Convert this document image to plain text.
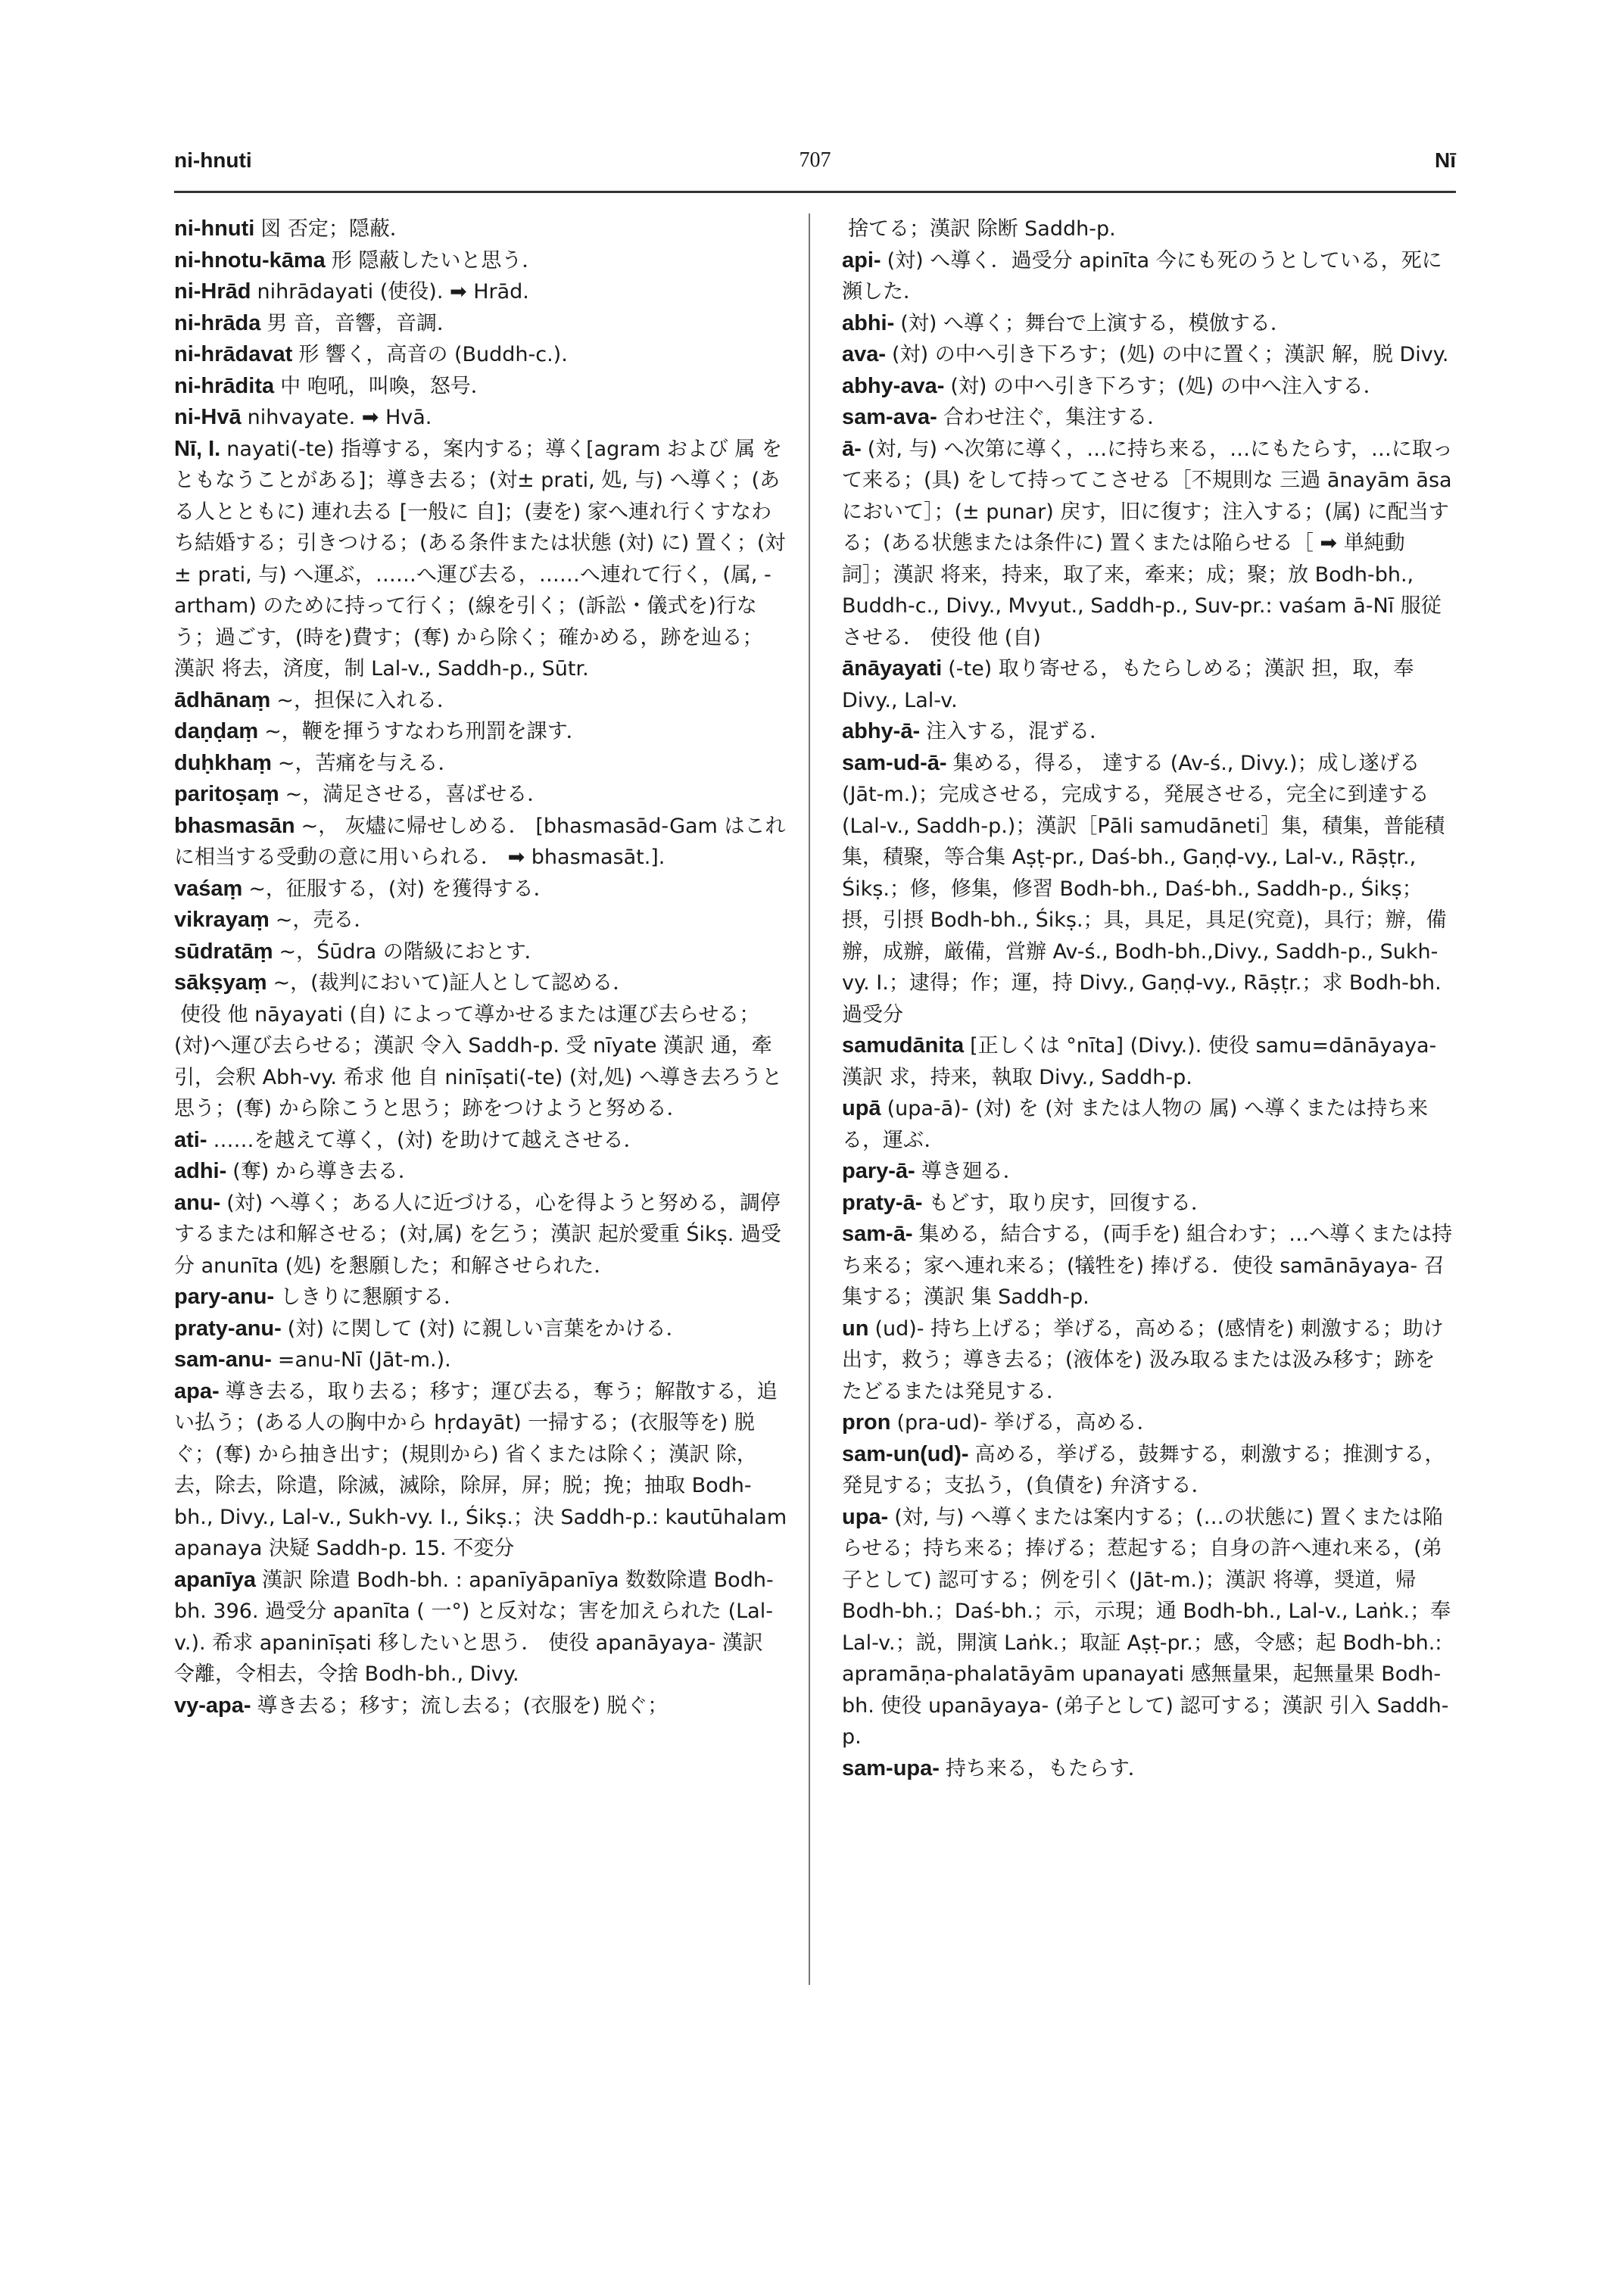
ni-hnuti	707	Nī

ni-hnuti 図 否定；隠蔽．

ni-hnotu-kāma 形 隠蔽したいと思う．

ni-Hrād nihrādayati (使役). ➡ Hrād.

ni-hrāda 男 音，音響，音調．

ni-hrādavat 形 響く，高音の (Buddh-c.).

ni-hrādita 中 咆吼，叫喚，怒号．

ni-Hvā nihvayate. ➡ Hvā.

Nī, I. nayati(-te) 指導する，案内する；導く[agram および 属 をともなうことがある]；導き去る；(対± prati, 処, 与) へ導く；(ある人とともに) 連れ去る [一般に 自]；(妻を) 家へ連れ行くすなわち結婚する；引きつける；(ある条件または状態 (対) に) 置く；(対± prati, 与) へ運ぶ，……へ運び去る，……へ連れて行く，(属, -artham) のために持って行く；(線を引く；(訴訟・儀式を)行なう；過ごす，(時を)費す；(奪) から除く；確かめる，跡を辿る； 漢訳 将去，済度，制 Lal-v., Saddh-p., Sūtr.

ādhānaṃ ~，担保に入れる．

daṇḍaṃ ~，鞭を揮うすなわち刑罰を課す．

duḥkhaṃ ~，苦痛を与える．

paritoṣaṃ ~，満足させる，喜ばせる．

bhasmasān ~， 灰燼に帰せしめる． [bhasmasād-Gam はこれに相当する受動の意に用いられる． ➡ bhasmasāt.].

vaśaṃ ~，征服する，(対) を獲得する．

vikrayaṃ ~，売る．

sūdratāṃ ~，Śūdra の階級におとす．

sākṣyaṃ ~，(裁判において)証人として認める．

使役 他 nāyayati (自) によって導かせるまたは運び去らせる；(対)へ運び去らせる；漢訳 令入 Saddh-p. 受 nīyate 漢訳 通，牽引，会釈 Abh-vy. 希求 他 自 ninīṣati(-te) (対,処) へ導き去ろうと思う；(奪) から除こうと思う；跡をつけようと努める．

ati- ……を越えて導く，(対) を助けて越えさせる．

adhi- (奪) から導き去る．

anu- (対) へ導く；ある人に近づける，心を得ようと努める，調停するまたは和解させる；(対,属) を乞う；漢訳 起於愛重 Śikṣ. 過受分 anunīta (処) を懇願した；和解させられた．

pary-anu- しきりに懇願する．

praty-anu- (対) に関して (対) に親しい言葉をかける．

sam-anu- =anu-Nī (Jāt-m.).

apa- 導き去る，取り去る；移す；運び去る，奪う；解散する，追い払う；(ある人の胸中から hṛdayāt) 一掃する；(衣服等を) 脱ぐ；(奪) から抽き出す；(規則から) 省くまたは除く；漢訳 除，去，除去，除遣，除滅，滅除，除屏，屏；脱；挽；抽取 Bodh-bh., Divy., Lal-v., Sukh-vy. I., Śikṣ.；決 Saddh-p.: kautūhalam apanaya 決疑 Saddh-p. 15. 不変分

apanīya 漢訳 除遣 Bodh-bh. : apanīyāpanīya 数数除遣 Bodh-bh. 396. 過受分 apanīta ( 一°) と反対な；害を加えられた (Lal-v.). 希求 apaninīṣati 移したいと思う． 使役 apanāyaya- 漢訳 令離，令相去，令捨 Bodh-bh., Divy.

vy-apa- 導き去る；移す；流し去る；(衣服を) 脱ぐ；

捨てる；漢訳 除断 Saddh-p.

api- (対) へ導く．過受分 apinīta 今にも死のうとしている，死に瀕した．

abhi- (対) へ導く；舞台で上演する，模倣する．

ava- (対) の中へ引き下ろす；(処) の中に置く；漢訳 解，脱 Divy.

abhy-ava- (対) の中へ引き下ろす；(処) の中へ注入する．

sam-ava- 合わせ注ぐ，集注する．

ā- (対, 与) へ次第に導く，…に持ち来る，…にもたらす，…に取って来る；(具) をして持ってこさせる［不規則な 三過 ānayām āsaにおいて］；(± punar) 戻す，旧に復す；注入する；(属) に配当する；(ある状態または条件に) 置くまたは陥らせる［ ➡ 単純動詞］；漢訳 将来，持来，取了来，牽来；成；聚；放 Bodh-bh., Buddh-c., Divy., Mvyut., Saddh-p., Suv-pr.: vaśam ā-Nī 服従させる． 使役 他 (自)

ānāyayati (-te) 取り寄せる，もたらしめる；漢訳 担，取，奉 Divy., Lal-v.

abhy-ā- 注入する，混ずる．

sam-ud-ā- 集める，得る， 達する (Av-ś., Divy.)；成し遂げる (Jāt-m.)；完成させる，完成する，発展させる，完全に到達する (Lal-v., Saddh-p.)；漢訳［Pāli samudāneti］集，積集，普能積集，積聚，等合集 Aṣṭ-pr., Daś-bh., Gaṇḍ-vy., Lal-v., Rāṣṭr., Śikṣ.；修，修集，修習 Bodh-bh., Daś-bh., Saddh-p., Śikṣ；摂，引摂 Bodh-bh., Śikṣ.；具，具足，具足(究竟)，具行；辦，備辦，成辦，厳備，営辦 Av-ś., Bodh-bh.,Divy., Saddh-p., Sukh-vy. I.；逮得；作；運，持 Divy., Gaṇḍ-vy., Rāṣṭr.；求 Bodh-bh. 過受分

samudānita [正しくは °nīta] (Divy.). 使役 samu=dānāyaya- 漢訳 求，持来，執取 Divy., Saddh-p.

upā (upa-ā)- (対) を (対 または人物の 属) へ導くまたは持ち来る，運ぶ．

pary-ā- 導き廻る．

praty-ā- もどす，取り戻す，回復する．

sam-ā- 集める，結合する，(両手を) 組合わす；…へ導くまたは持ち来る；家へ連れ来る；(犠牲を) 捧げる．使役 samānāyaya- 召集する；漢訳 集 Saddh-p.

un (ud)- 持ち上げる；挙げる，高める；(感情を) 刺激する；助け出す，救う；導き去る；(液体を) 汲み取るまたは汲み移す；跡をたどるまたは発見する．

pron (pra-ud)- 挙げる，高める．

sam-un(ud)- 高める，挙げる，鼓舞する，刺激する；推測する，発見する；支払う，(負債を) 弁済する．

upa- (対, 与) へ導くまたは案内する；(…の状態に) 置くまたは陥らせる；持ち来る；捧げる；惹起する；自身の許へ連れ来る，(弟子として) 認可する；例を引く (Jāt-m.)；漢訳 将導，奨道，帰 Bodh-bh.；Daś-bh.；示，示現；通 Bodh-bh., Lal-v., Laṅk.；奉 Lal-v.；説，開演 Laṅk.；取証 Aṣṭ-pr.；感，令感；起 Bodh-bh.: apramāṇa-phalatāyām upanayati 感無量果，起無量果 Bodh-bh. 使役 upanāyaya- (弟子として) 認可する；漢訳 引入 Saddh-p.

sam-upa- 持ち来る，もたらす．
